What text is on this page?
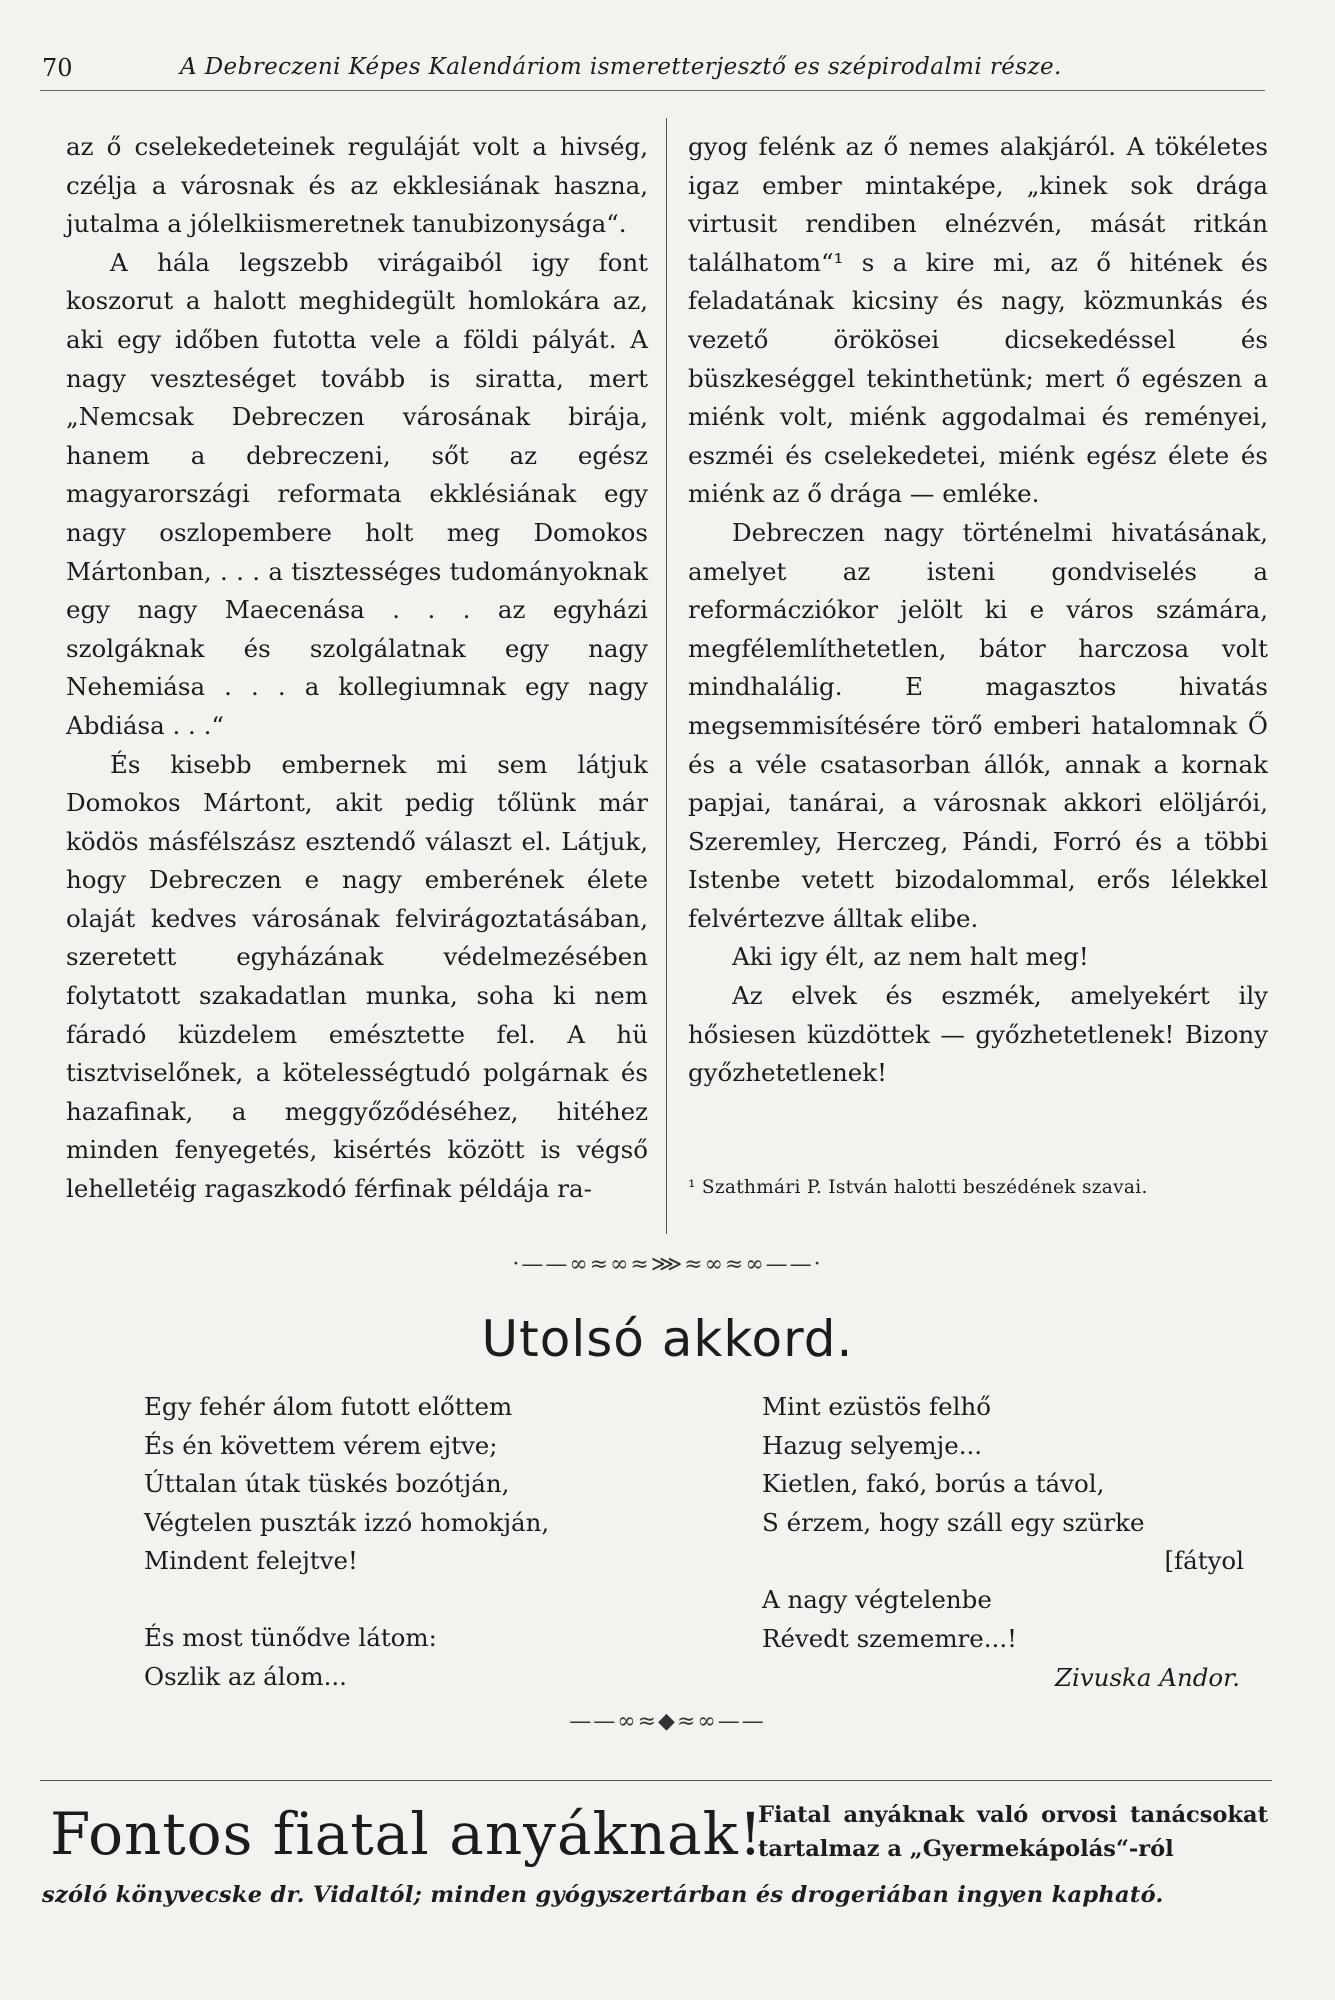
70	A Debreczeni Képes Kalendáriom ismeretterjesztő es szépirodalmi része.

az ő cselekedeteinek reguláját volt a hivség, czélja a városnak és az ekklesiának haszna, jutalma a jólelkiismeretnek tanubizonysága“.

A hála legszebb virágaiból igy font koszorut a halott meghidegült homlokára az, aki egy időben futotta vele a földi pályát. A nagy veszteséget tovább is siratta, mert „Nemcsak Debreczen városának birája, hanem a debreczeni, sőt az egész magyarországi reformata ekklésiának egy nagy oszlopembere holt meg Domokos Mártonban, . . . a tisztességes tudományoknak egy nagy Maecenása . . . az egyházi szolgáknak és szolgálatnak egy nagy Nehemiása . . . a kollegiumnak egy nagy Abdiása . . .“

És kisebb embernek mi sem látjuk Domokos Mártont, akit pedig tőlünk már ködös másfélszász esztendő választ el. Látjuk, hogy Debreczen e nagy emberének élete olaját kedves városának felvirágoztatásában, szeretett egyházának védelmezésében folytatott szakadatlan munka, soha ki nem fáradó küzdelem emésztette fel. A hü tisztviselőnek, a kötelességtudó polgárnak és hazafinak, a meggyőződéséhez, hitéhez minden fenyegetés, kisértés között is végső lehelletéig ragaszkodó férfinak példája ra-

gyog felénk az ő nemes alakjáról. A tökéletes igaz ember mintaképe, „kinek sok drága virtusit rendiben elnézvén, mását ritkán találhatom“¹ s a kire mi, az ő hitének és feladatának kicsiny és nagy, közmunkás és vezető örökösei dicsekedéssel és büszkeséggel tekinthetünk; mert ő egészen a miénk volt, miénk aggodalmai és reményei, eszméi és cselekedetei, miénk egész élete és miénk az ő drága — emléke.

Debreczen nagy történelmi hivatásának, amelyet az isteni gondviselés a reformácziókor jelölt ki e város számára, megfélemlíthetetlen, bátor harczosa volt mindhalálig. E magasztos hivatás megsemmisítésére törő emberi hatalomnak Ő és a véle csatasorban állók, annak a kornak papjai, tanárai, a városnak akkori elöljárói, Szeremley, Herczeg, Pándi, Forró és a többi Istenbe vetett bizodalommal, erős lélekkel felvértezve álltak elibe.

Aki igy élt, az nem halt meg!

Az elvek és eszmék, amelyekért ily hősiesen küzdöttek — győzhetetlenek! Bizony győzhetetlenek!

¹ Szathmári P. István halotti beszédének szavai.
·——∞≈∞≈⋙≈∞≈∞——·
Utolsó akkord.
Egy fehér álom futott előttem
És én követtem vérem ejtve;
Úttalan útak tüskés bozótján,
Végtelen puszták izzó homokján,
Mindent felejtve!
És most tünődve látom:
Oszlik az álom...
Mint ezüstös felhő
Hazug selyemje...
Kietlen, fakó, borús a távol,
S érzem, hogy száll egy szürke
[fátyol
A nagy végtelenbe
Révedt szememre...!
Zivuska Andor.
——∞≈◆≈∞——
Fontos fiatal anyáknak!
Fiatal anyáknak való orvosi tanácsokat tartalmaz a „Gyermekápolás“-ról
szóló könyvecske dr. Vidaltól; minden gyógyszertárban és drogeriában ingyen kapható.
